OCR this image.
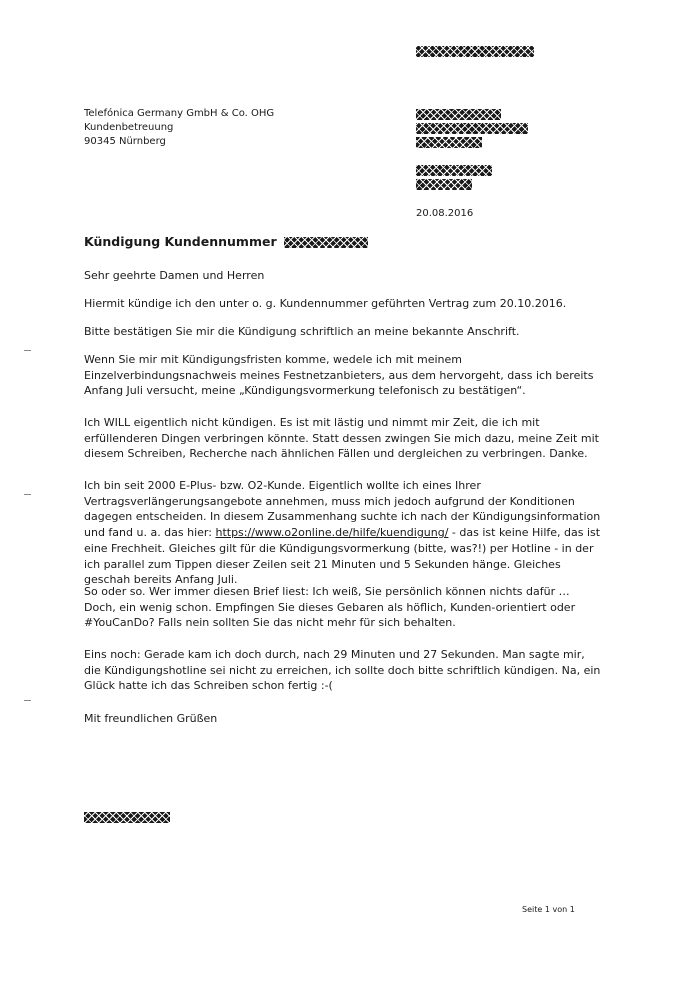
20.08.2016
Telefónica Germany GmbH & Co. OHG
Kundenbetreuung
90345 Nürnberg
Kündigung Kundennummer

Sehr geehrte Damen und Herren

Hiermit kündige ich den unter o. g. Kundennummer geführten Vertrag zum 20.10.2016.

Bitte bestätigen Sie mir die Kündigung schriftlich an meine bekannte Anschrift.

Wenn Sie mir mit Kündigungsfristen komme, wedele ich mit meinem Einzelverbindungsnachweis meines Festnetzanbieters, aus dem hervorgeht, dass ich bereits Anfang Juli versucht, meine „Kündigungsvormerkung telefonisch zu bestätigen“.

Ich WILL eigentlich nicht kündigen. Es ist mit lästig und nimmt mir Zeit, die ich mit erfüllenderen Dingen verbringen könnte. Statt dessen zwingen Sie mich dazu, meine Zeit mit diesem Schreiben, Recherche nach ähnlichen Fällen und dergleichen zu verbringen. Danke.

Ich bin seit 2000 E-Plus- bzw. O2-Kunde. Eigentlich wollte ich eines Ihrer Vertragsverlängerungsangebote annehmen, muss mich jedoch aufgrund der Konditionen dagegen entscheiden. In diesem Zusammenhang suchte ich nach der Kündigungsinformation und fand u. a. das hier: https://www.o2online.de/hilfe/kuendigung/ - das ist keine Hilfe, das ist eine Frechheit. Gleiches gilt für die Kündigungsvormerkung (bitte, was?!) per Hotline - in der ich parallel zum Tippen dieser Zeilen seit 21 Minuten und 5 Sekunden hänge. Gleiches geschah bereits Anfang Juli.

So oder so. Wer immer diesen Brief liest: Ich weiß, Sie persönlich können nichts dafür … Doch, ein wenig schon. Empfingen Sie dieses Gebaren als höflich, Kunden-orientiert oder #YouCanDo? Falls nein sollten Sie das nicht mehr für sich behalten.

Eins noch: Gerade kam ich doch durch, nach 29 Minuten und 27 Sekunden. Man sagte mir, die Kündigungshotline sei nicht zu erreichen, ich sollte doch bitte schriftlich kündigen. Na, ein Glück hatte ich das Schreiben schon fertig :-(

Mit freundlichen Grüßen

Seite 1 von 1
